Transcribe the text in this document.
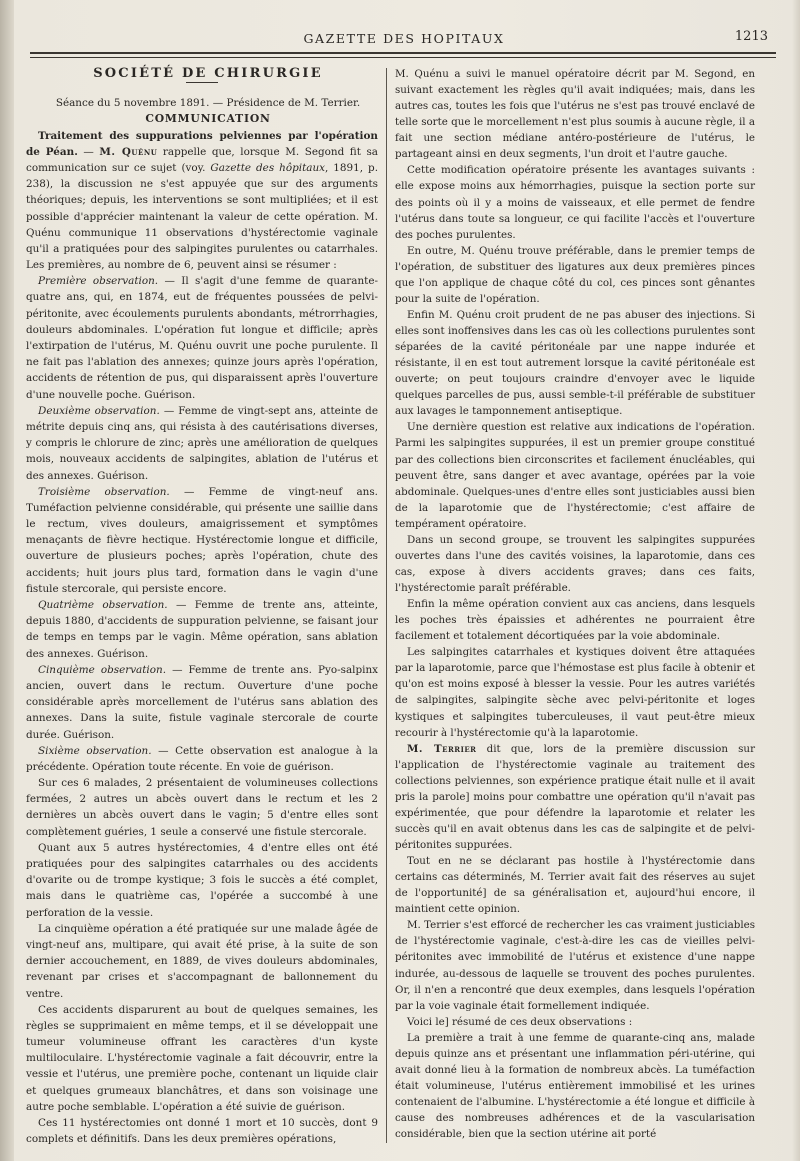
GAZETTE DES HOPITAUX	1213

SOCIÉTÉ DE CHIRURGIE

Séance du 5 novembre 1891. — Présidence de M. Terrier.

COMMUNICATION

Traitement des suppurations pelviennes par l'opération de Péan. — M. Quénu rappelle que, lorsque M. Segond fit sa communication sur ce sujet (voy. Gazette des hôpitaux, 1891, p. 238), la discussion ne s'est appuyée que sur des arguments théoriques; depuis, les interventions se sont multipliées; et il est possible d'apprécier maintenant la valeur de cette opération. M. Quénu communique 11 observations d'hystérectomie vaginale qu'il a pratiquées pour des salpingites purulentes ou catarrhales. Les premières, au nombre de 6, peuvent ainsi se résumer :

Première observation. — Il s'agit d'une femme de quarante-quatre ans, qui, en 1874, eut de fréquentes poussées de pelvi-péritonite, avec écoulements purulents abondants, métrorrhagies, douleurs abdominales. L'opération fut longue et difficile; après l'extirpation de l'utérus, M. Quénu ouvrit une poche purulente. Il ne fait pas l'ablation des annexes; quinze jours après l'opération, accidents de rétention de pus, qui disparaissent après l'ouverture d'une nouvelle poche. Guérison.

Deuxième observation. — Femme de vingt-sept ans, atteinte de métrite depuis cinq ans, qui résista à des cautérisations diverses, y compris le chlorure de zinc; après une amélioration de quelques mois, nouveaux accidents de salpingites, ablation de l'utérus et des annexes. Guérison.

Troisième observation. — Femme de vingt-neuf ans. Tuméfaction pelvienne considérable, qui présente une saillie dans le rectum, vives douleurs, amaigrissement et symptômes menaçants de fièvre hectique. Hystérectomie longue et difficile, ouverture de plusieurs poches; après l'opération, chute des accidents; huit jours plus tard, formation dans le vagin d'une fistule stercorale, qui persiste encore.

Quatrième observation. — Femme de trente ans, atteinte, depuis 1880, d'accidents de suppuration pelvienne, se faisant jour de temps en temps par le vagin. Même opération, sans ablation des annexes. Guérison.

Cinquième observation. — Femme de trente ans. Pyo-salpinx ancien, ouvert dans le rectum. Ouverture d'une poche considérable après morcellement de l'utérus sans ablation des annexes. Dans la suite, fistule vaginale stercorale de courte durée. Guérison.

Sixième observation. — Cette observation est analogue à la précédente. Opération toute récente. En voie de guérison.

Sur ces 6 malades, 2 présentaient de volumineuses collections fermées, 2 autres un abcès ouvert dans le rectum et les 2 dernières un abcès ouvert dans le vagin; 5 d'entre elles sont complètement guéries, 1 seule a conservé une fistule stercorale.

Quant aux 5 autres hystérectomies, 4 d'entre elles ont été pratiquées pour des salpingites catarrhales ou des accidents d'ovarite ou de trompe kystique; 3 fois le succès a été complet, mais dans le quatrième cas, l'opérée a succombé à une perforation de la vessie.

La cinquième opération a été pratiquée sur une malade âgée de vingt-neuf ans, multipare, qui avait été prise, à la suite de son dernier accouchement, en 1889, de vives douleurs abdominales, revenant par crises et s'accompagnant de ballonnement du ventre.

Ces accidents disparurent au bout de quelques semaines, les règles se supprimaient en même temps, et il se développait une tumeur volumineuse offrant les caractères d'un kyste multiloculaire. L'hystérectomie vaginale a fait découvrir, entre la vessie et l'utérus, une première poche, contenant un liquide clair et quelques grumeaux blanchâtres, et dans son voisinage une autre poche semblable. L'opération a été suivie de guérison.

Ces 11 hystérectomies ont donné 1 mort et 10 succès, dont 9 complets et définitifs. Dans les deux premières opérations,

M. Quénu a suivi le manuel opératoire décrit par M. Segond, en suivant exactement les règles qu'il avait indiquées; mais, dans les autres cas, toutes les fois que l'utérus ne s'est pas trouvé enclavé de telle sorte que le morcellement n'est plus soumis à aucune règle, il a fait une section médiane antéro-postérieure de l'utérus, le partageant ainsi en deux segments, l'un droit et l'autre gauche.

Cette modification opératoire présente les avantages suivants : elle expose moins aux hémorrhagies, puisque la section porte sur des points où il y a moins de vaisseaux, et elle permet de fendre l'utérus dans toute sa longueur, ce qui facilite l'accès et l'ouverture des poches purulentes.

En outre, M. Quénu trouve préférable, dans le premier temps de l'opération, de substituer des ligatures aux deux premières pinces que l'on applique de chaque côté du col, ces pinces sont gênantes pour la suite de l'opération.

Enfin M. Quénu croit prudent de ne pas abuser des injections. Si elles sont inoffensives dans les cas où les collections purulentes sont séparées de la cavité péritonéale par une nappe indurée et résistante, il en est tout autrement lorsque la cavité péritonéale est ouverte; on peut toujours craindre d'envoyer avec le liquide quelques parcelles de pus, aussi semble-t-il préférable de substituer aux lavages le tamponnement antiseptique.

Une dernière question est relative aux indications de l'opération. Parmi les salpingites suppurées, il est un premier groupe constitué par des collections bien circonscrites et facilement énucléables, qui peuvent être, sans danger et avec avantage, opérées par la voie abdominale. Quelques-unes d'entre elles sont justiciables aussi bien de la laparotomie que de l'hystérectomie; c'est affaire de tempérament opératoire.

Dans un second groupe, se trouvent les salpingites suppurées ouvertes dans l'une des cavités voisines, la laparotomie, dans ces cas, expose à divers accidents graves; dans ces faits, l'hystérectomie paraît préférable.

Enfin la même opération convient aux cas anciens, dans lesquels les poches très épaissies et adhérentes ne pourraient être facilement et totalement décortiquées par la voie abdominale.

Les salpingites catarrhales et kystiques doivent être attaquées par la laparotomie, parce que l'hémostase est plus facile à obtenir et qu'on est moins exposé à blesser la vessie. Pour les autres variétés de salpingites, salpingite sèche avec pelvi-péritonite et loges kystiques et salpingites tuberculeuses, il vaut peut-être mieux recourir à l'hystérectomie qu'à la laparotomie.

M. Terrier dit que, lors de la première discussion sur l'application de l'hystérectomie vaginale au traitement des collections pelviennes, son expérience pratique était nulle et il avait pris la parole] moins pour combattre une opération qu'il n'avait pas expérimentée, que pour défendre la laparotomie et relater les succès qu'il en avait obtenus dans les cas de salpingite et de pelvi-péritonites suppurées.

Tout en ne se déclarant pas hostile à l'hystérectomie dans certains cas déterminés, M. Terrier avait fait des réserves au sujet de l'opportunité] de sa généralisation et, aujourd'hui encore, il maintient cette opinion.

M. Terrier s'est efforcé de rechercher les cas vraiment justiciables de l'hystérectomie vaginale, c'est-à-dire les cas de vieilles pelvi-péritonites avec immobilité de l'utérus et existence d'une nappe indurée, au-dessous de laquelle se trouvent des poches purulentes. Or, il n'en a rencontré que deux exemples, dans lesquels l'opération par la voie vaginale était formellement indiquée.

Voici le] résumé de ces deux observations :

La première a trait à une femme de quarante-cinq ans, malade depuis quinze ans et présentant une inflammation péri-utérine, qui avait donné lieu à la formation de nombreux abcès. La tuméfaction était volumineuse, l'utérus entièrement immobilisé et les urines contenaient de l'albumine. L'hystérectomie a été longue et difficile à cause des nombreuses adhérences et de la vascularisation considérable, bien que la section utérine ait porté
